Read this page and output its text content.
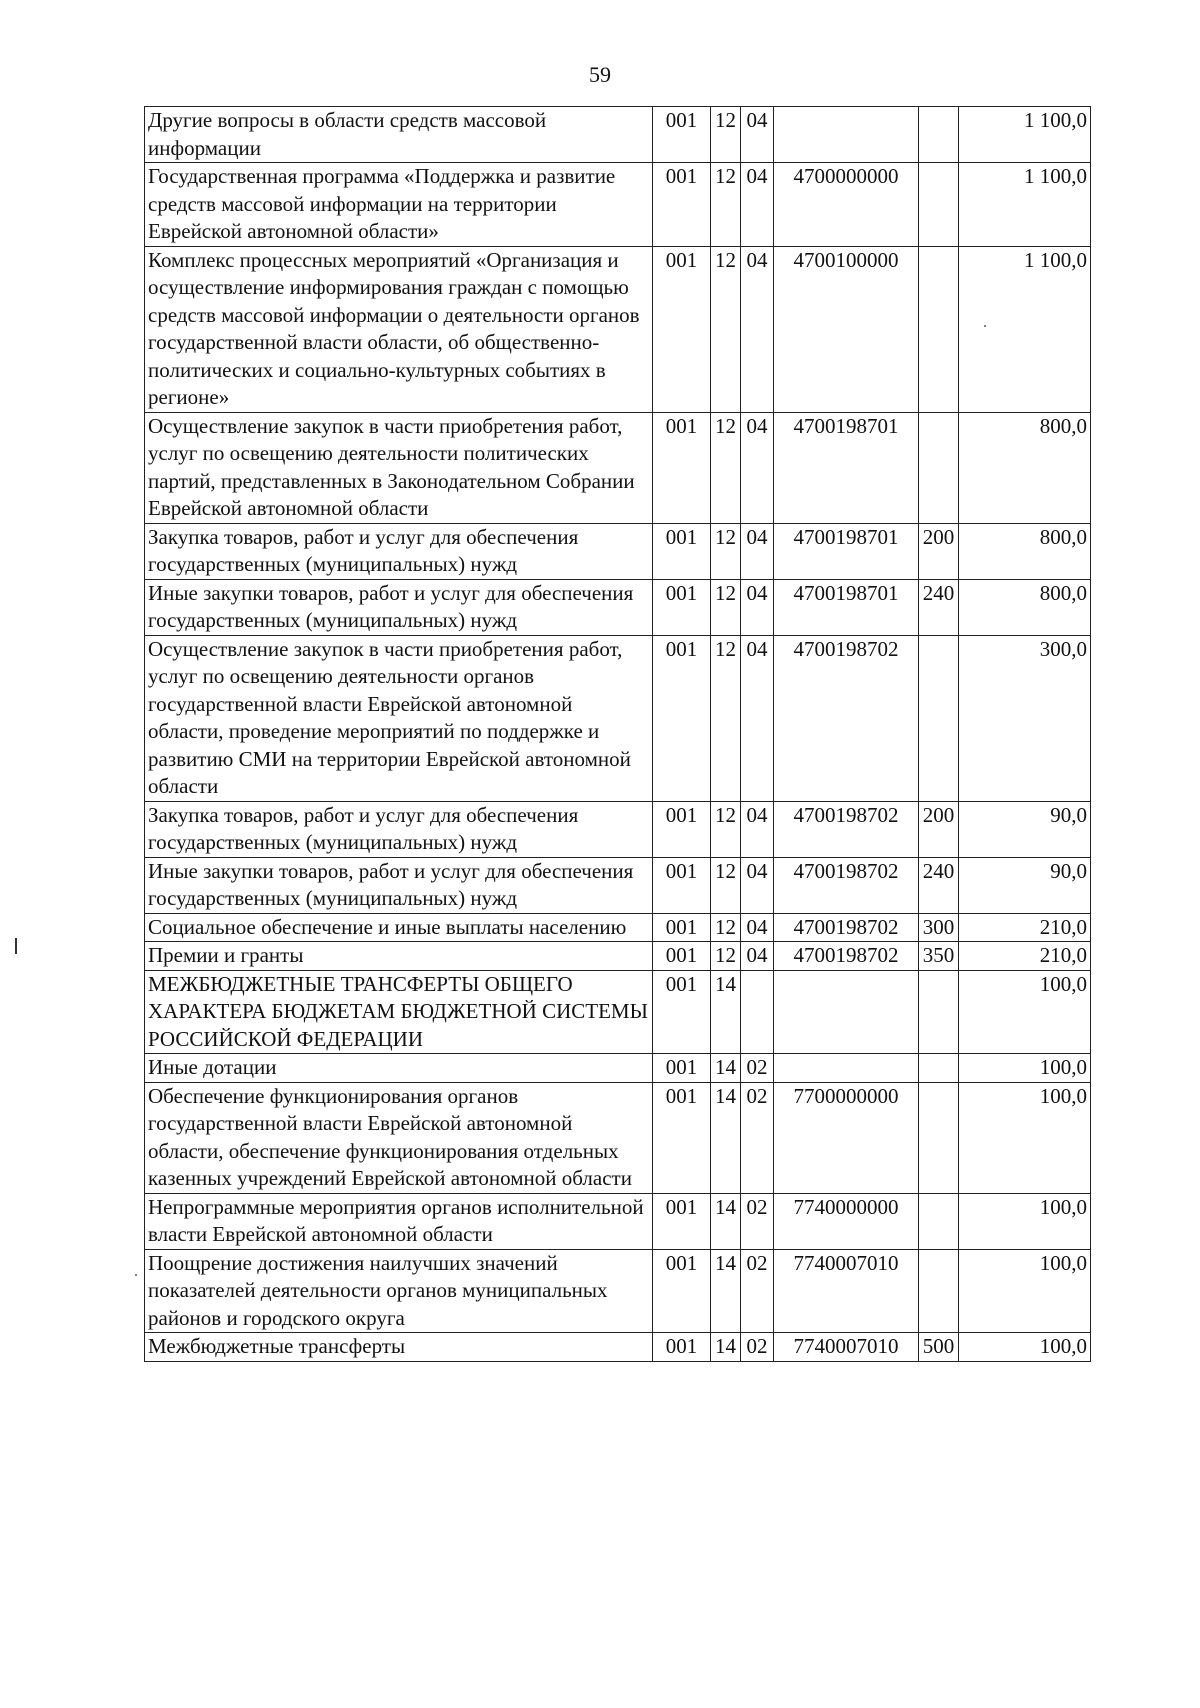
59
Другие вопросы в области средств массовой информации	001	12	04			1 100,0
Государственная программа «Поддержка и развитие средств массовой информации на территории Еврейской автономной области»	001	12	04	4700000000		1 100,0
Комплекс процессных мероприятий «Организация и осуществление информирования граждан с помощью средств массовой информации о деятельности органов государственной власти области, об общественно-политических и социально-культурных событиях в регионе»	001	12	04	4700100000		1 100,0
Осуществление закупок в части приобретения работ, услуг по освещению деятельности политических партий, представленных в Законодательном Собрании Еврейской автономной области	001	12	04	4700198701		800,0
Закупка товаров, работ и услуг для обеспечения государственных (муниципальных) нужд	001	12	04	4700198701	200	800,0
Иные закупки товаров, работ и услуг для обеспечения государственных (муниципальных) нужд	001	12	04	4700198701	240	800,0
Осуществление закупок в части приобретения работ, услуг по освещению деятельности органов государственной власти Еврейской автономной области, проведение мероприятий по поддержке и развитию СМИ на территории Еврейской автономной области	001	12	04	4700198702		300,0
Закупка товаров, работ и услуг для обеспечения государственных (муниципальных) нужд	001	12	04	4700198702	200	90,0
Иные закупки товаров, работ и услуг для обеспечения государственных (муниципальных) нужд	001	12	04	4700198702	240	90,0
Социальное обеспечение и иные выплаты населению	001	12	04	4700198702	300	210,0
Премии и гранты	001	12	04	4700198702	350	210,0
МЕЖБЮДЖЕТНЫЕ ТРАНСФЕРТЫ ОБЩЕГО ХАРАКТЕРА БЮДЖЕТАМ БЮДЖЕТНОЙ СИСТЕМЫ РОССИЙСКОЙ ФЕДЕРАЦИИ	001	14				100,0
Иные дотации	001	14	02			100,0
Обеспечение функционирования органов государственной власти Еврейской автономной области, обеспечение функционирования отдельных казенных учреждений Еврейской автономной области	001	14	02	7700000000		100,0
Непрограммные мероприятия органов исполнительной власти Еврейской автономной области	001	14	02	7740000000		100,0
Поощрение достижения наилучших значений показателей деятельности органов муниципальных районов и городского округа	001	14	02	7740007010		100,0
Межбюджетные трансферты	001	14	02	7740007010	500	100,0
